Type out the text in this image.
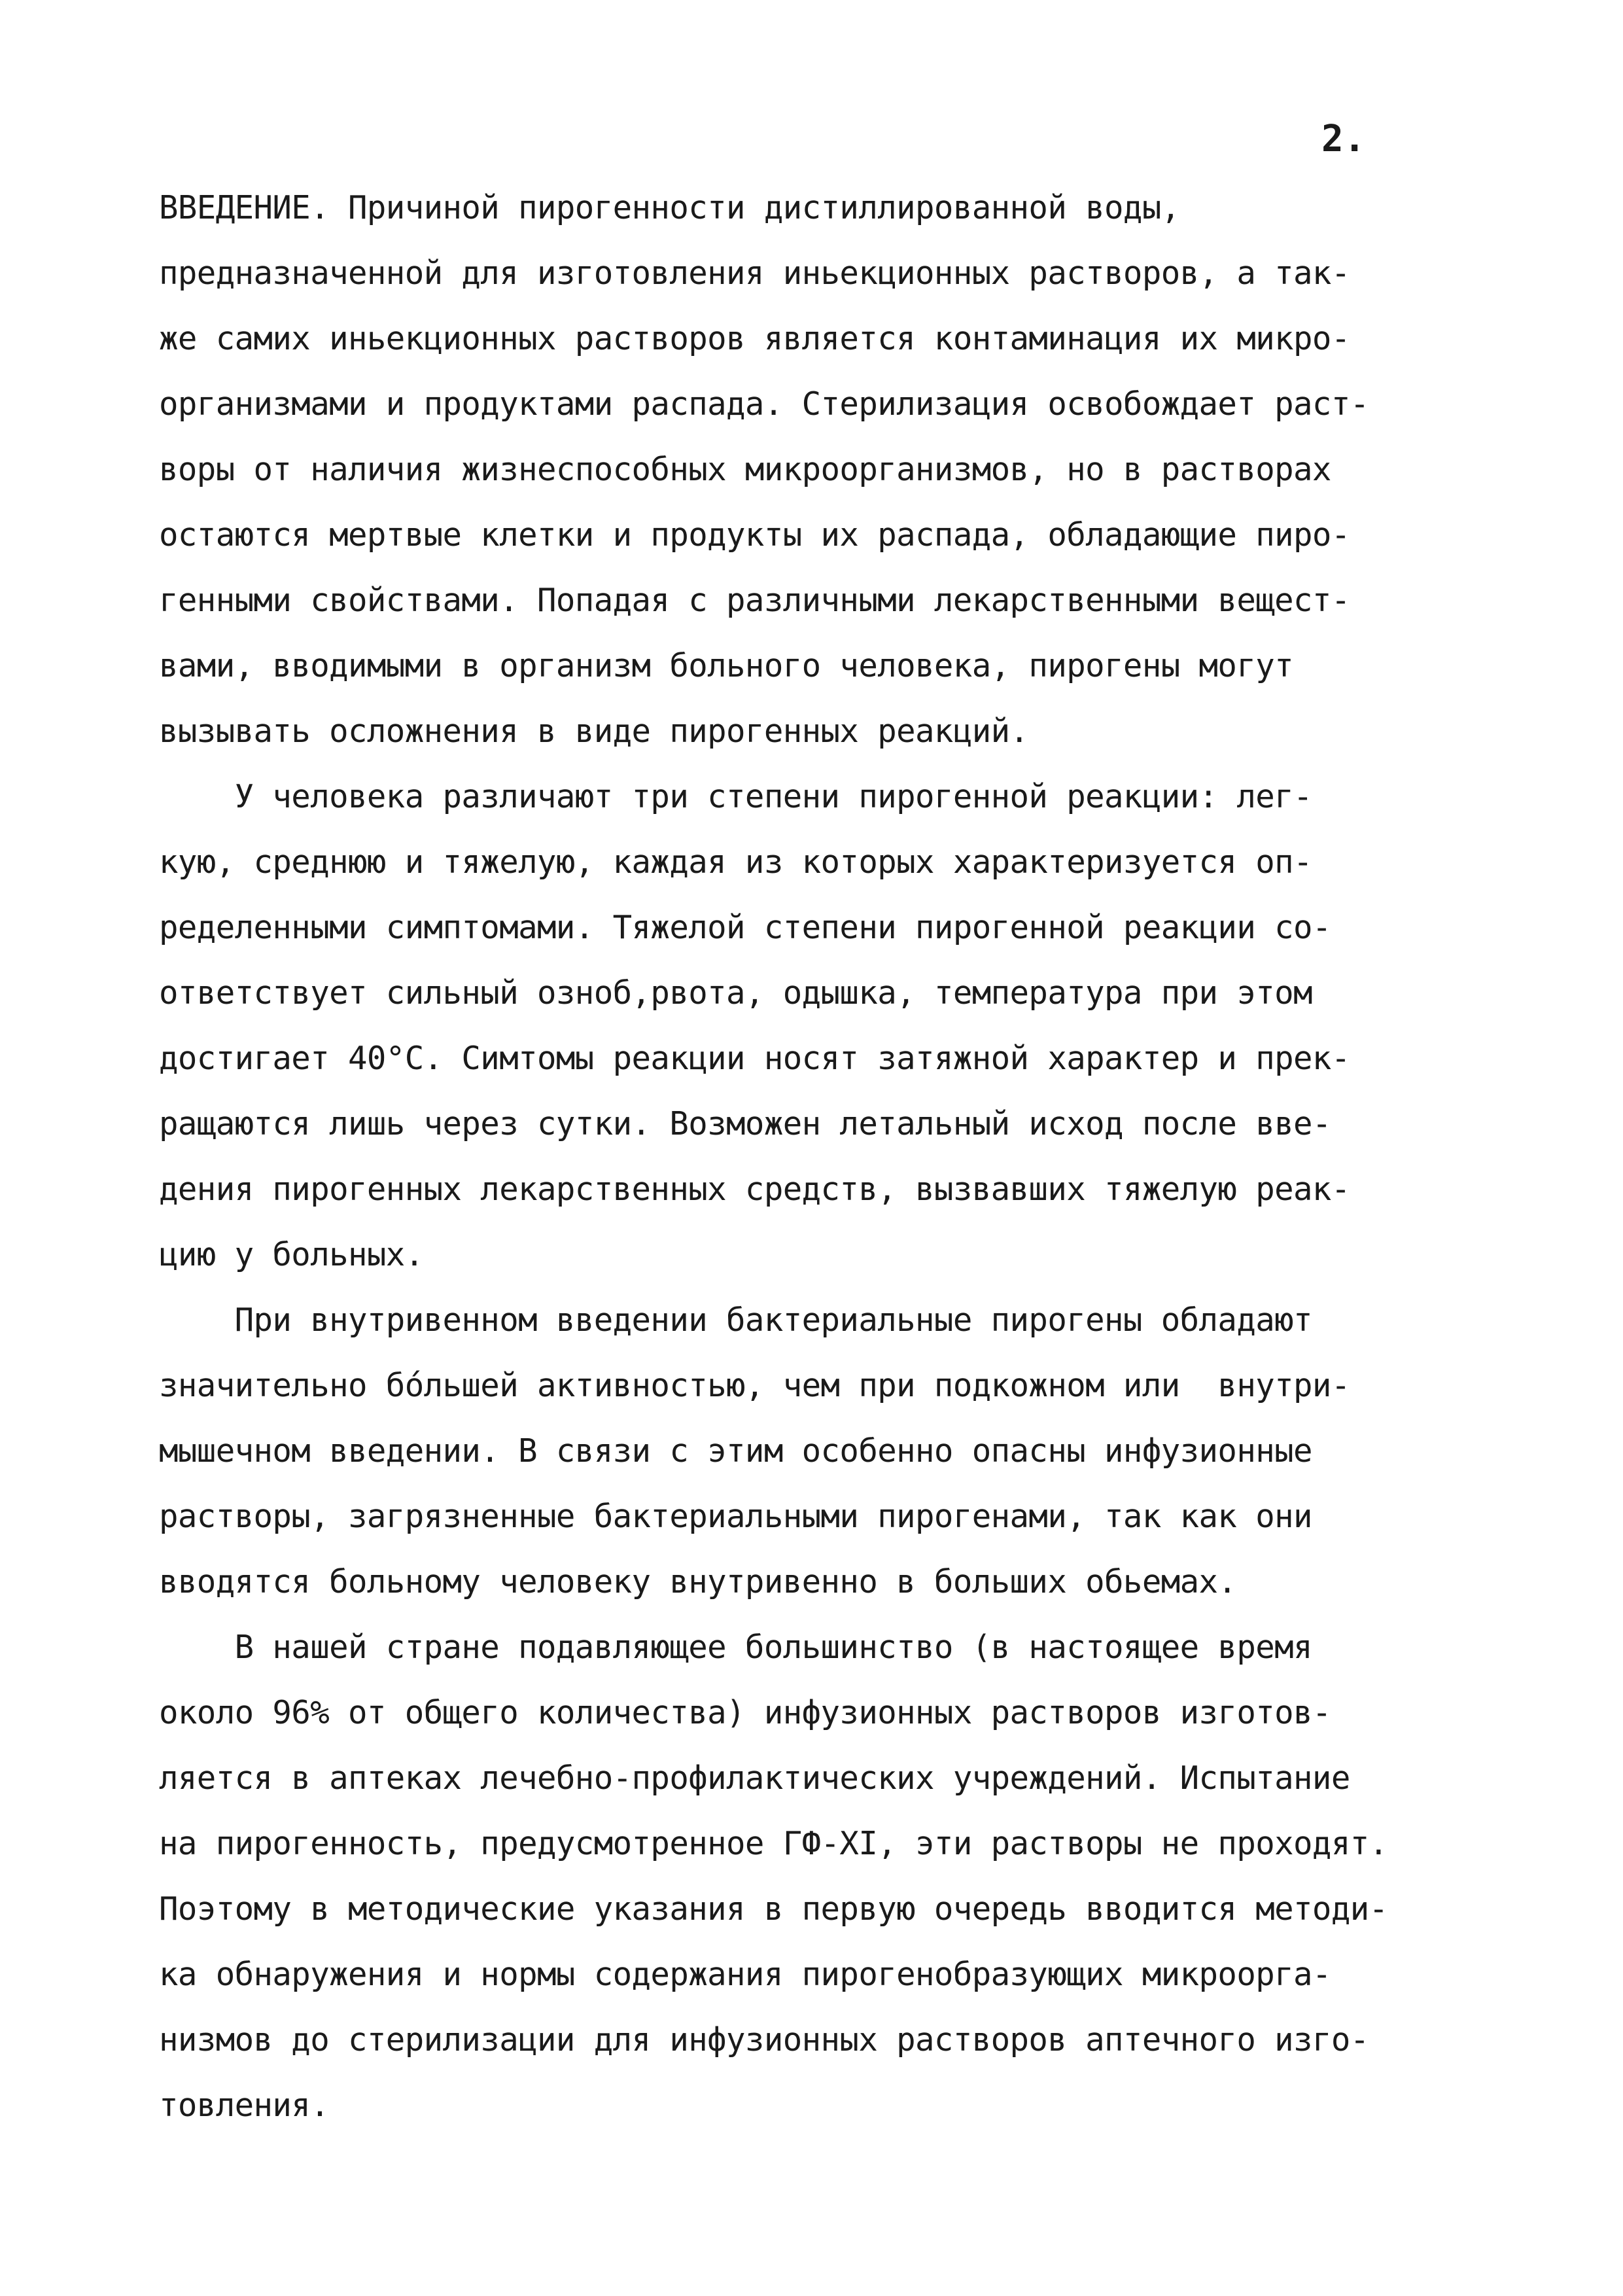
2.
ВВЕДЕНИЕ. Причиной пирогенности дистиллированной воды,
предназначенной для изготовления иньекционных растворов, а так-
же самих иньекционных растворов является контаминация их микро-
организмами и продуктами распада. Стерилизация освобождает раст-
воры от наличия жизнеспособных микроорганизмов, но в растворах
остаются мертвые клетки и продукты их распада, обладающие пиро-
генными свойствами. Попадая с различными лекарственными вещест-
вами, вводимыми в организм больного человека, пирогены могут
вызывать осложнения в виде пирогенных реакций.
У человека различают три степени пирогенной реакции: лег-
кую, среднюю и тяжелую, каждая из которых характеризуется оп-
ределенными симптомами. Тяжелой степени пирогенной реакции со-
ответствует сильный озноб,рвота, одышка, температура при этом
достигает 40°C. Симтомы реакции носят затяжной характер и прек-
ращаются лишь через сутки. Возможен летальный исход после вве-
дения пирогенных лекарственных средств, вызвавших тяжелую реак-
цию у больных.
При внутривенном введении бактериальные пирогены обладают
значительно бо́льшей активностью, чем при подкожном или  внутри-
мышечном введении. В связи с этим особенно опасны инфузионные
растворы, загрязненные бактериальными пирогенами, так как они
вводятся больному человеку внутривенно в больших обьемах.
В нашей стране подавляющее большинство (в настоящее время
около 96% от общего количества) инфузионных растворов изготов-
ляется в аптеках лечебно-профилактических учреждений. Испытание
на пирогенность, предусмотренное ГФ-XI, эти растворы не проходят.
Поэтому в методические указания в первую очередь вводится методи-
ка обнаружения и нормы содержания пирогенобразующих микроорга-
низмов до стерилизации для инфузионных растворов аптечного изго-
товления.
